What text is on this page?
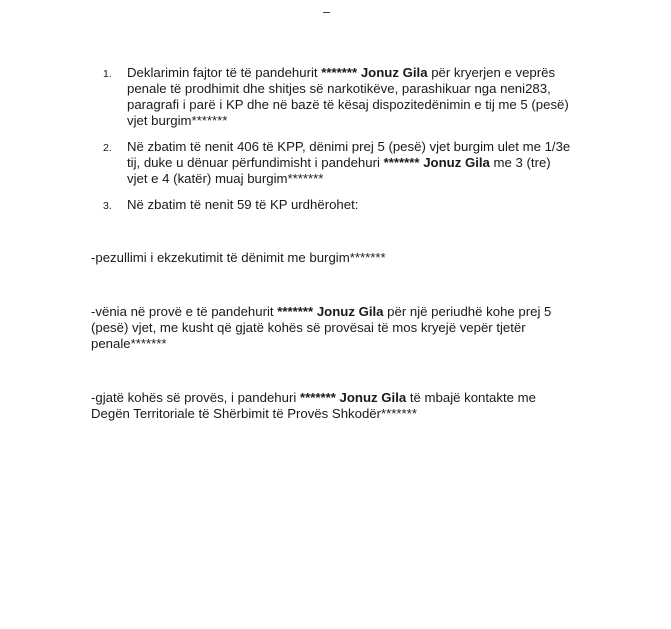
1. Deklarimin fajtor të të pandehurit ******* Jonuz Gila për kryerjen e veprës penale të prodhimit dhe shitjes së narkotikëve, parashikuar nga neni283, paragrafi i parë i KP dhe në bazë të kësaj dispozitedënimin e tij me 5 (pesë) vjet burgim*******
2. Në zbatim të nenit 406 të KPP, dënimi prej 5 (pesë) vjet burgim ulet me 1/3e tij, duke u dënuar përfundimisht i pandehuri ******* Jonuz Gila me 3 (tre) vjet e 4 (katër) muaj burgim*******
3. Në zbatim të nenit 59 të KP urdhërohet:

-pezullimi i ekzekutimit të dënimit me burgim*******

-vënia në provë e të pandehurit ******* Jonuz Gila për një periudhë kohe prej 5 (pesë) vjet, me kusht që gjatë kohës së provësai të mos kryejë vepër tjetër penale*******

-gjatë kohës së provës, i pandehuri ******* Jonuz Gila të mbajë kontakte me Degën Territoriale të Shërbimit të Provës Shkodër*******
